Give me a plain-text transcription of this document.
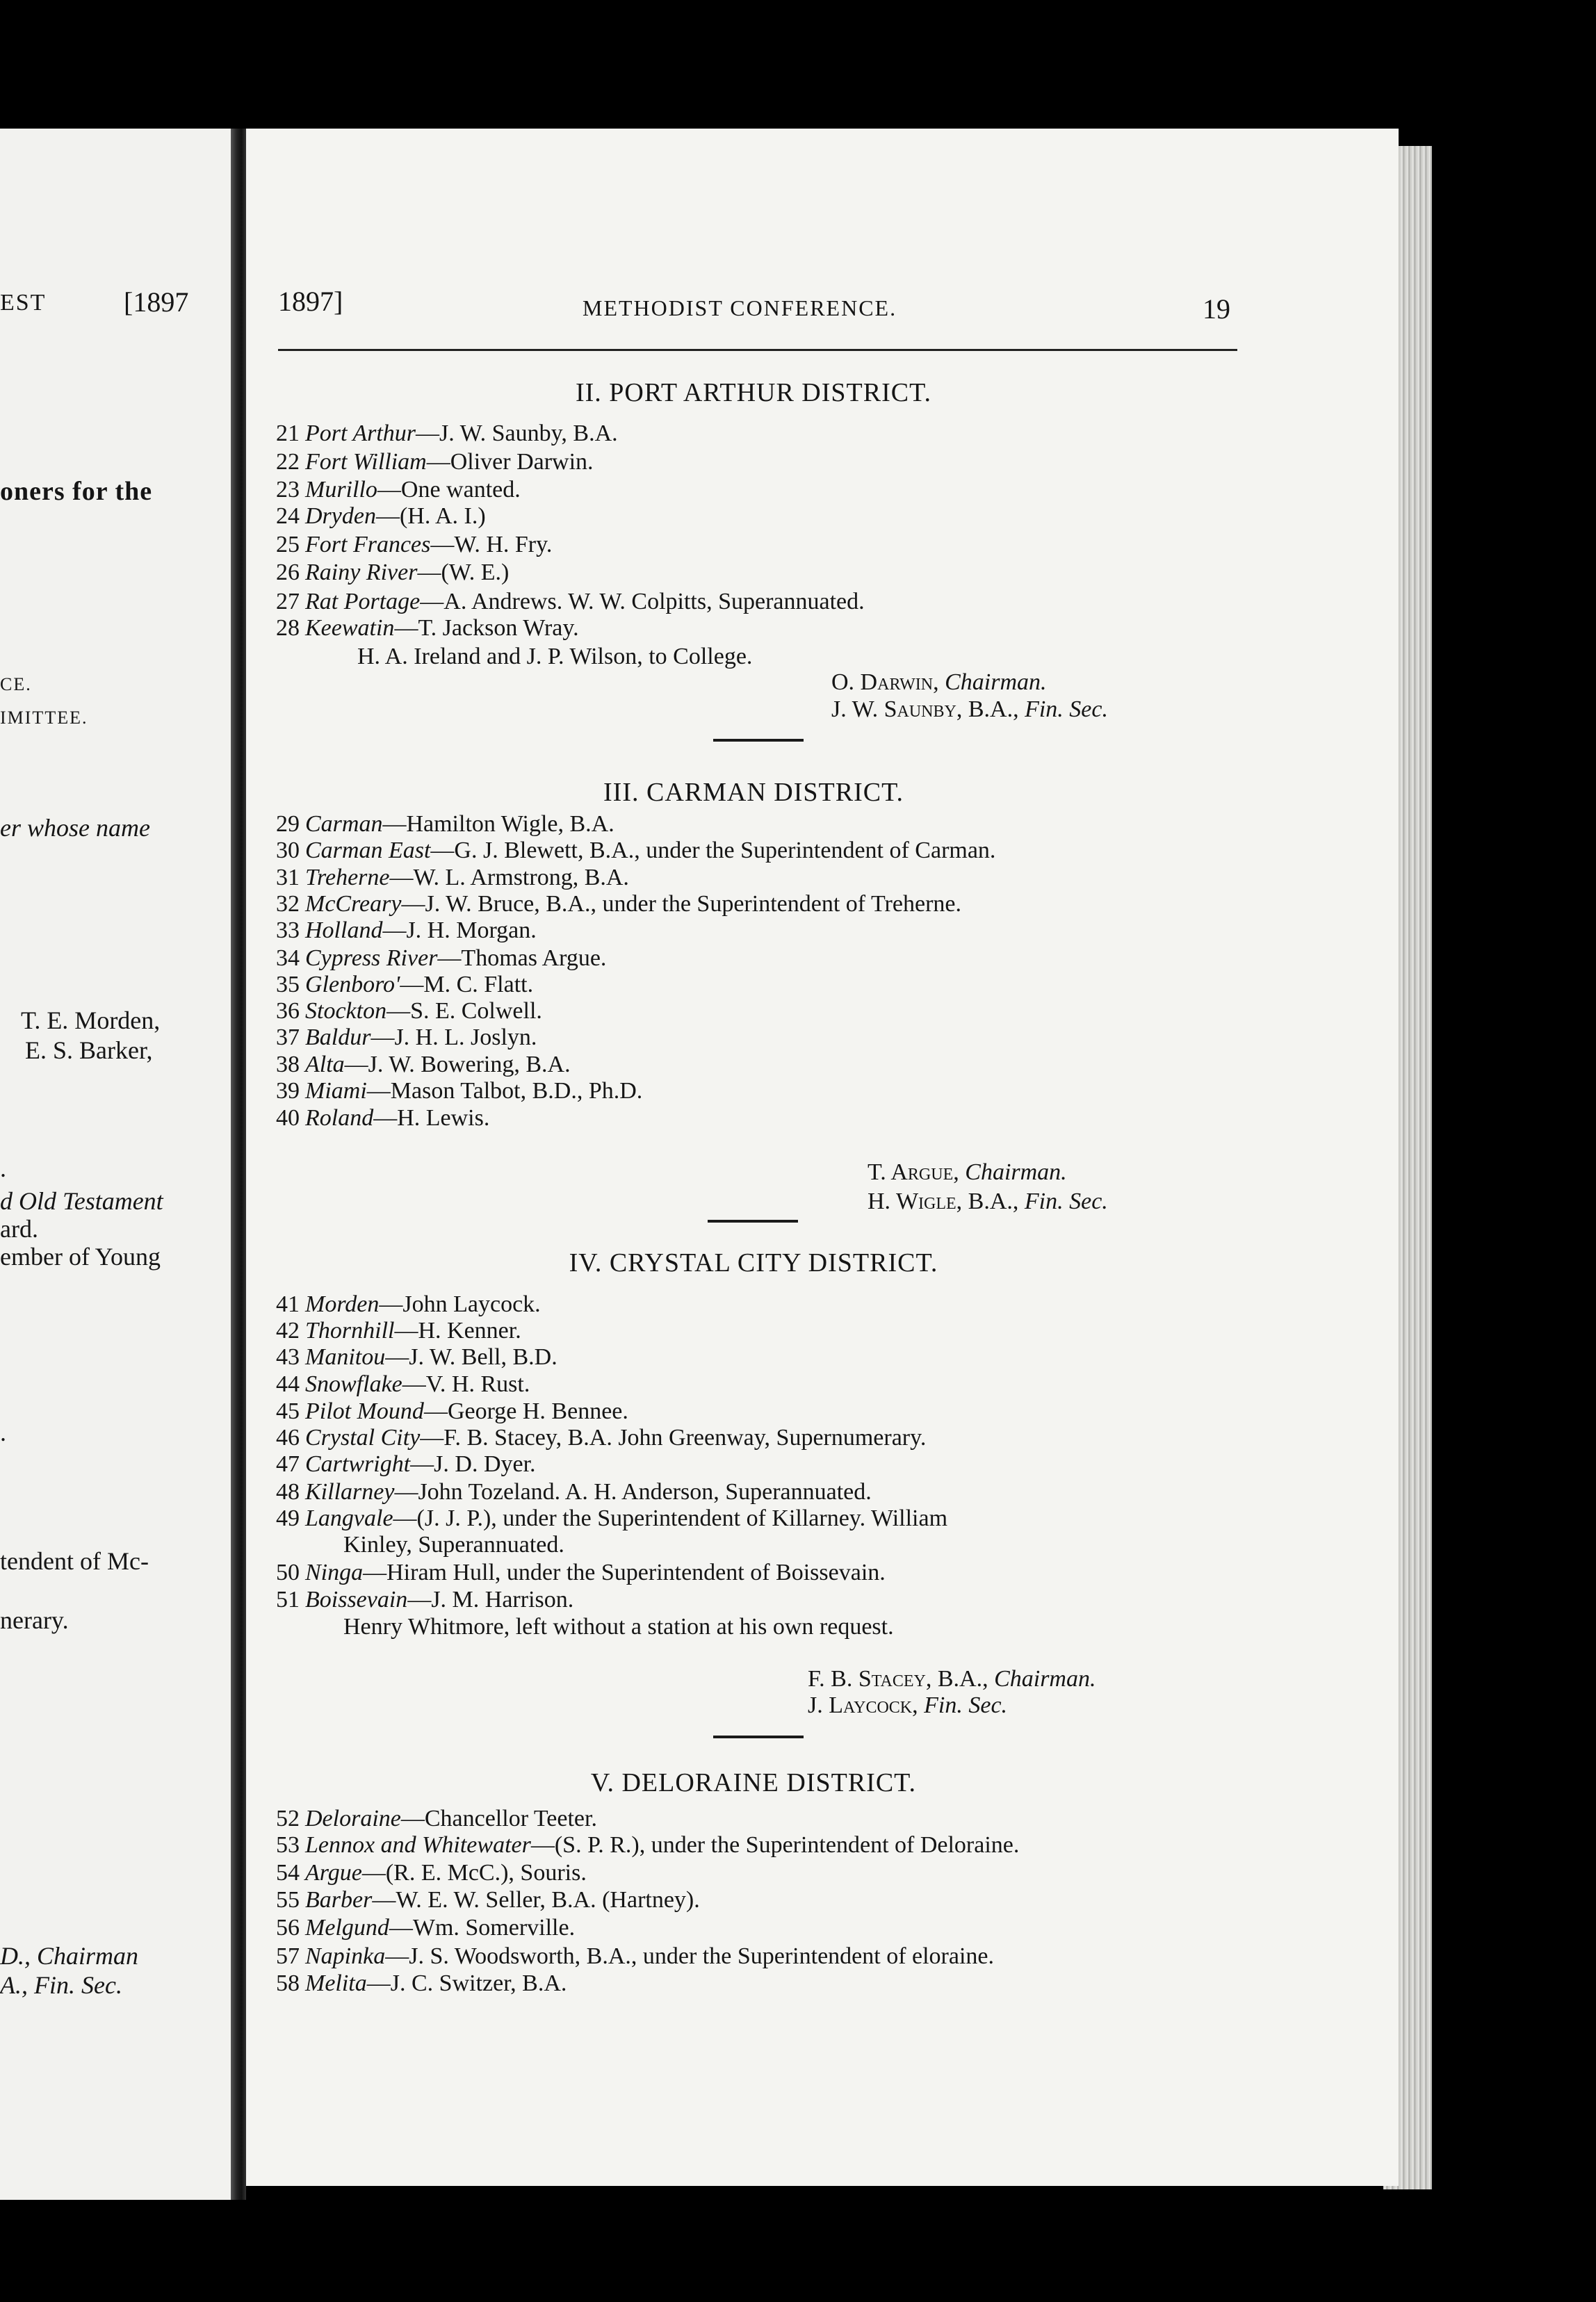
EST	[1897
oners for the
CE.
IMITTEE.
er whose name
T. E. Morden,
E. S. Barker,
.
d Old Testament
ard.
ember of Young
.
tendent of Mc-
nerary.
D., Chairman
A., Fin. Sec.
1897]	METHODIST CONFERENCE.	19
II. PORT ARTHUR DISTRICT.
21 Port Arthur—J. W. Saunby, B.A.
22 Fort William—Oliver Darwin.
23 Murillo—One wanted.
24 Dryden—(H. A. I.)
25 Fort Frances—W. H. Fry.
26 Rainy River—(W. E.)
27 Rat Portage—A. Andrews. W. W. Colpitts, Superannuated.
28 Keewatin—T. Jackson Wray.
H. A. Ireland and J. P. Wilson, to College.
O. Darwin, Chairman.
J. W. Saunby, B.A., Fin. Sec.
III. CARMAN DISTRICT.
29 Carman—Hamilton Wigle, B.A.
30 Carman East—G. J. Blewett, B.A., under the Superintendent of Carman.
31 Treherne—W. L. Armstrong, B.A.
32 McCreary—J. W. Bruce, B.A., under the Superintendent of Treherne.
33 Holland—J. H. Morgan.
34 Cypress River—Thomas Argue.
35 Glenboro'—M. C. Flatt.
36 Stockton—S. E. Colwell.
37 Baldur—J. H. L. Joslyn.
38 Alta—J. W. Bowering, B.A.
39 Miami—Mason Talbot, B.D., Ph.D.
40 Roland—H. Lewis.
T. Argue, Chairman.
H. Wigle, B.A., Fin. Sec.
IV. CRYSTAL CITY DISTRICT.
41 Morden—John Laycock.
42 Thornhill—H. Kenner.
43 Manitou—J. W. Bell, B.D.
44 Snowflake—V. H. Rust.
45 Pilot Mound—George H. Bennee.
46 Crystal City—F. B. Stacey, B.A. John Greenway, Supernumerary.
47 Cartwright—J. D. Dyer.
48 Killarney—John Tozeland. A. H. Anderson, Superannuated.
49 Langvale—(J. J. P.), under the Superintendent of Killarney. William
Kinley, Superannuated.
50 Ninga—Hiram Hull, under the Superintendent of Boissevain.
51 Boissevain—J. M. Harrison.
Henry Whitmore, left without a station at his own request.
F. B. Stacey, B.A., Chairman.
J. Laycock, Fin. Sec.
V. DELORAINE DISTRICT.
52 Deloraine—Chancellor Teeter.
53 Lennox and Whitewater—(S. P. R.), under the Superintendent of Deloraine.
54 Argue—(R. E. McC.), Souris.
55 Barber—W. E. W. Seller, B.A. (Hartney).
56 Melgund—Wm. Somerville.
57 Napinka—J. S. Woodsworth, B.A., under the Superintendent of eloraine.
58 Melita—J. C. Switzer, B.A.
